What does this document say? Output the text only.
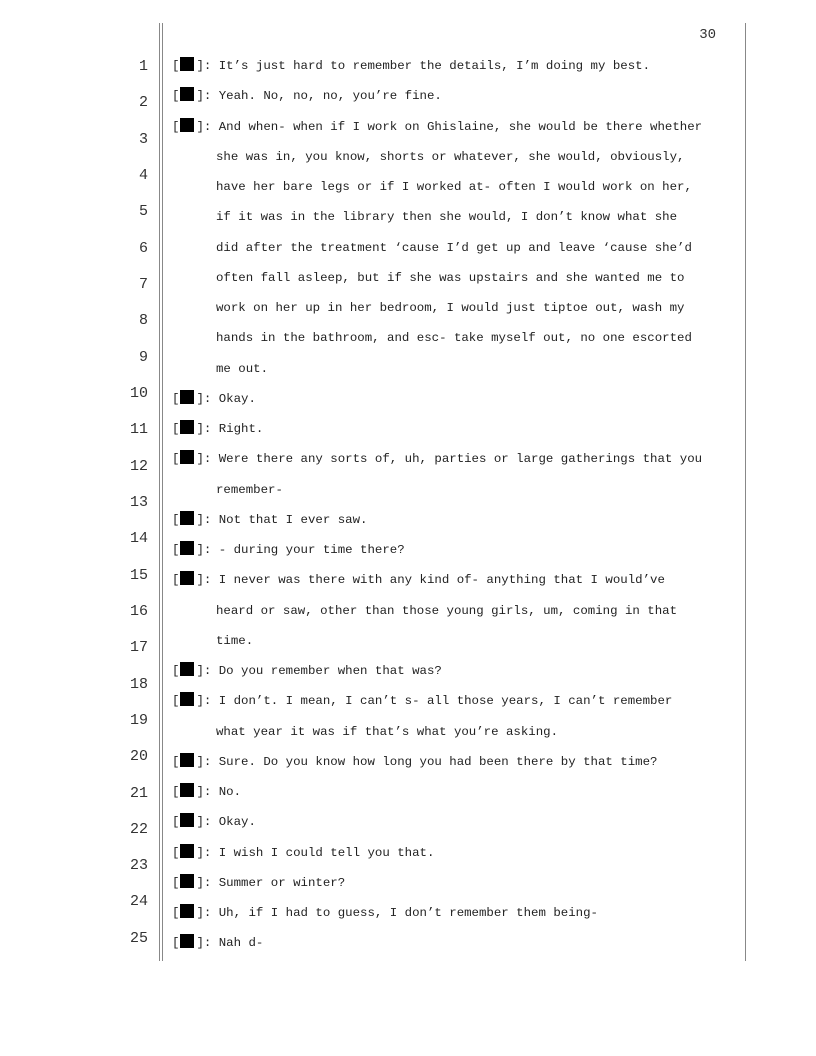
30
1
2
3
4
5
6
7
8
9
10
11
12
13
14
15
16
17
18
19
20
21
22
23
24
25
[ ]: It’s just hard to remember the details, I’m doing my best.
[ ]: Yeah. No, no, no, you’re fine.
[ ]: And when- when if I work on Ghislaine, she would be there whether
she was in, you know, shorts or whatever, she would, obviously,
have her bare legs or if I worked at- often I would work on her,
if it was in the library then she would, I don’t know what she
did after the treatment ‘cause I’d get up and leave ‘cause she’d
often fall asleep, but if she was upstairs and she wanted me to
work on her up in her bedroom, I would just tiptoe out, wash my
hands in the bathroom, and esc- take myself out, no one escorted
me out.
[ ]: Okay.
[ ]: Right.
[ ]: Were there any sorts of, uh, parties or large gatherings that you
remember-
[ ]: Not that I ever saw.
[ ]: - during your time there?
[ ]: I never was there with any kind of- anything that I would’ve
heard or saw, other than those young girls, um, coming in that
time.
[ ]: Do you remember when that was?
[ ]: I don’t. I mean, I can’t s- all those years, I can’t remember
what year it was if that’s what you’re asking.
[ ]: Sure. Do you know how long you had been there by that time?
[ ]: No.
[ ]: Okay.
[ ]: I wish I could tell you that.
[ ]: Summer or winter?
[ ]: Uh, if I had to guess, I don’t remember them being-
[ ]: Nah d-
